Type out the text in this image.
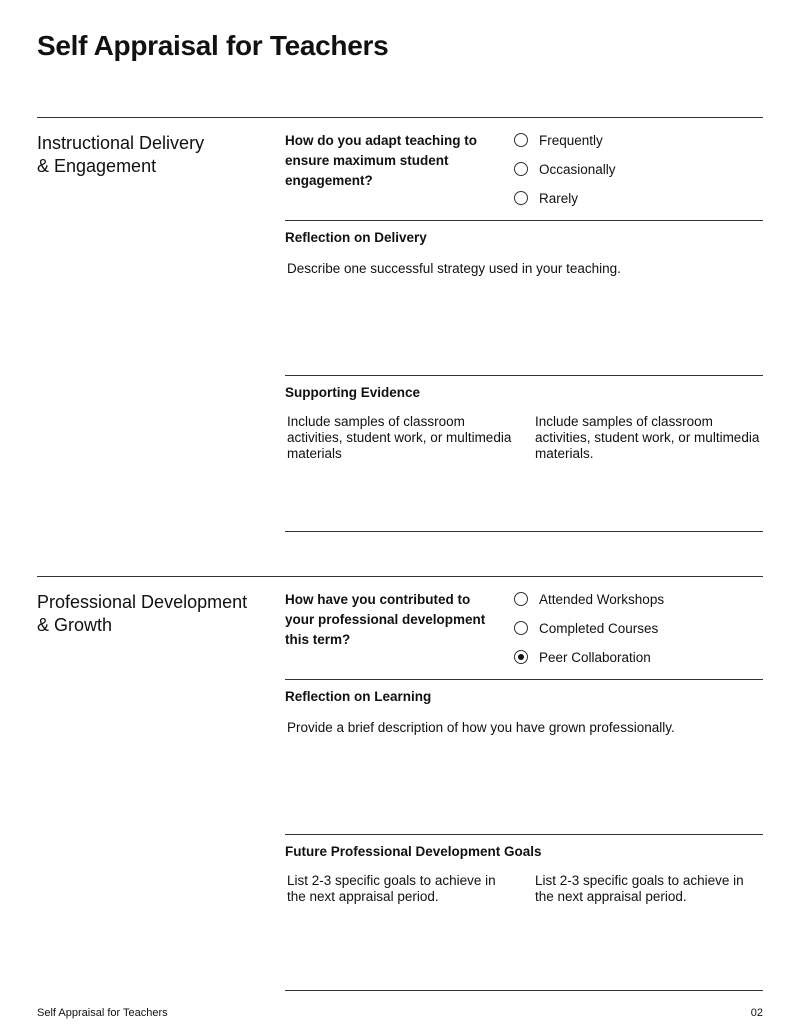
Self Appraisal for Teachers
Instructional Delivery
& Engagement
How do you adapt teaching to ensure maximum student engagement?
Frequently
Occasionally
Rarely
Reflection on Delivery
Describe one successful strategy used in your teaching.
Supporting Evidence
Include samples of classroom activities, student work, or multimedia materials
Include samples of classroom activities, student work, or multimedia materials.
Professional Development
& Growth
How have you contributed to your professional development this term?
Attended Workshops
Completed Courses
Peer Collaboration
Reflection on Learning
Provide a brief description of how you have grown professionally.
Future Professional Development Goals
List 2-3 specific goals to achieve in the next appraisal period.
List 2-3 specific goals to achieve in the next appraisal period.
Self Appraisal for Teachers	02
